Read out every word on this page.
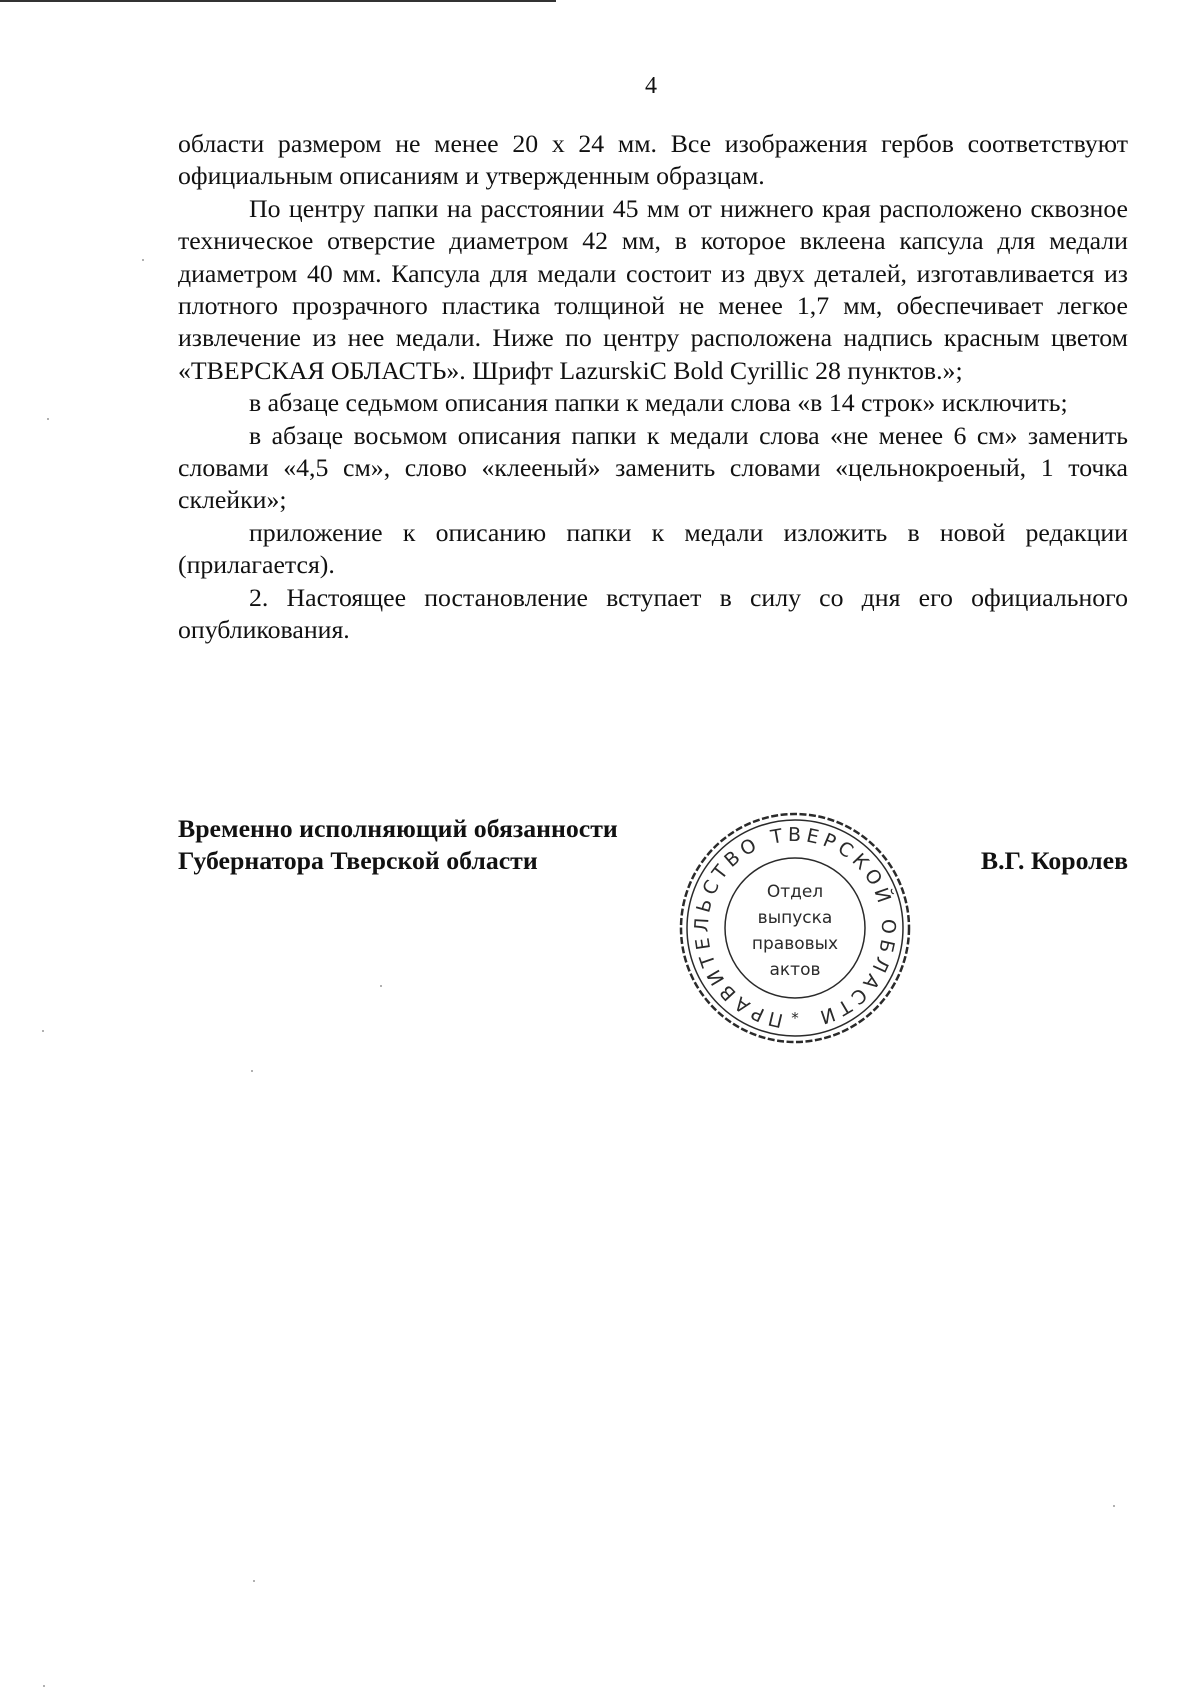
4

области размером не менее 20 х 24 мм. Все изображения гербов соответствуют официальным описаниям и утвержденным образцам.

По центру папки на расстоянии 45 мм от нижнего края расположено сквозное техническое отверстие диаметром 42 мм, в которое вклеена капсула для медали диаметром 40 мм. Капсула для медали состоит из двух деталей, изготавливается из плотного прозрачного пластика толщиной не менее 1,7 мм, обеспечивает легкое извлечение из нее медали. Ниже по центру расположена надпись красным цветом «ТВЕРСКАЯ ОБЛАСТЬ». Шрифт LazurskiC Bold Cyrillic 28 пунктов.»;

в абзаце седьмом описания папки к медали слова «в 14 строк» исключить;

в абзаце восьмом описания папки к медали слова «не менее 6 см» заменить словами «4,5 см», слово «клееный» заменить словами «цельнокроеный, 1 точка склейки»;

приложение к описанию папки к медали изложить в новой редакции (прилагается).

2. Настоящее постановление вступает в силу со дня его официального опубликования.

Временно исполняющий обязанности
Губернатора Тверской области	В.Г. Королев
ПРАВИТЕЛЬСТВО ТВЕРСКОЙ ОБЛАСТИ
*
Отдел
выпуска
правовых
актов
